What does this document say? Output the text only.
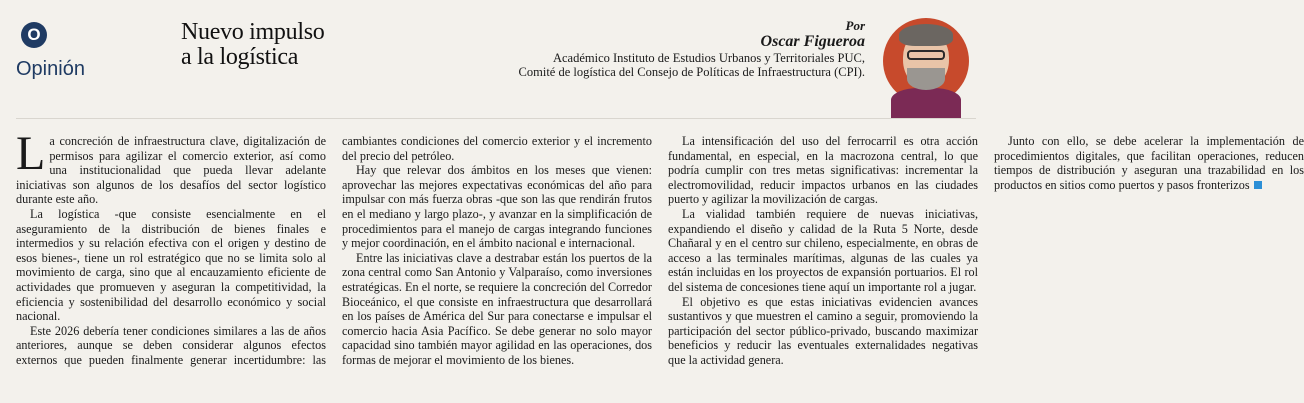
O
Opinión
Nuevo impulso
a la logística
Por
Oscar Figueroa
Académico Instituto de Estudios Urbanos y Territoriales PUC,
Comité de logística del Consejo de Políticas de Infraestructura (CPI).

La concreción de infraestructura clave, digitalización de permisos para agilizar el comercio exterior, así como una institucionalidad que pueda llevar adelante iniciativas son algunos de los desafíos del sector logístico durante este año.

La logística -que consiste esencialmente en el aseguramiento de la distribución de bienes finales e intermedios y su relación efectiva con el origen y destino de esos bienes-, tiene un rol estratégico que no se limita solo al movimiento de carga, sino que al encauzamiento eficiente de actividades que promueven y aseguran la competitividad, la eficiencia y sostenibilidad del desarrollo económico y social nacional.

Este 2026 debería tener condiciones similares a las de años anteriores, aunque se deben considerar algunos efectos externos que pueden finalmente generar incertidumbre: las cambiantes condiciones del comercio exterior y el incremento del precio del petróleo.

Hay que relevar dos ámbitos en los meses que vienen: aprovechar las mejores expectativas económicas del año para impulsar con más fuerza obras -que son las que rendirán frutos en el mediano y largo plazo-, y avanzar en la simplificación de procedimientos para el manejo de cargas integrando funciones y mejor coordinación, en el ámbito nacional e internacional.

Entre las iniciativas clave a destrabar están los puertos de la zona central como San Antonio y Valparaíso, como inversiones estratégicas. En el norte, se requiere la concreción del Corredor Bioceánico, el que consiste en infraestructura que desarrollará en los países de América del Sur para conectarse e impulsar el comercio hacia Asia Pacífico. Se debe generar no solo mayor capacidad sino también mayor agilidad en las operaciones, dos formas de mejorar el movimiento de los bienes.

La intensificación del uso del ferrocarril es otra acción fundamental, en especial, en la macrozona central, lo que podría cumplir con tres metas significativas: incrementar la electromovilidad, reducir impactos urbanos en las ciudades puerto y agilizar la movilización de cargas.

La vialidad también requiere de nuevas iniciativas, expandiendo el diseño y calidad de la Ruta 5 Norte, desde Chañaral y en el centro sur chileno, especialmente, en obras de acceso a las terminales marítimas, algunas de las cuales ya están incluidas en los proyectos de expansión portuarios. El rol del sistema de concesiones tiene aquí un importante rol a jugar.

El objetivo es que estas iniciativas evidencien avances sustantivos y que muestren el camino a seguir, promoviendo la participación del sector público-privado, buscando maximizar beneficios y reducir las eventuales externalidades negativas que la actividad genera.

Junto con ello, se debe acelerar la implementación de procedimientos digitales, que facilitan operaciones, reducen tiempos de distribución y aseguran una trazabilidad en los productos en sitios como puertos y pasos fronterizos
